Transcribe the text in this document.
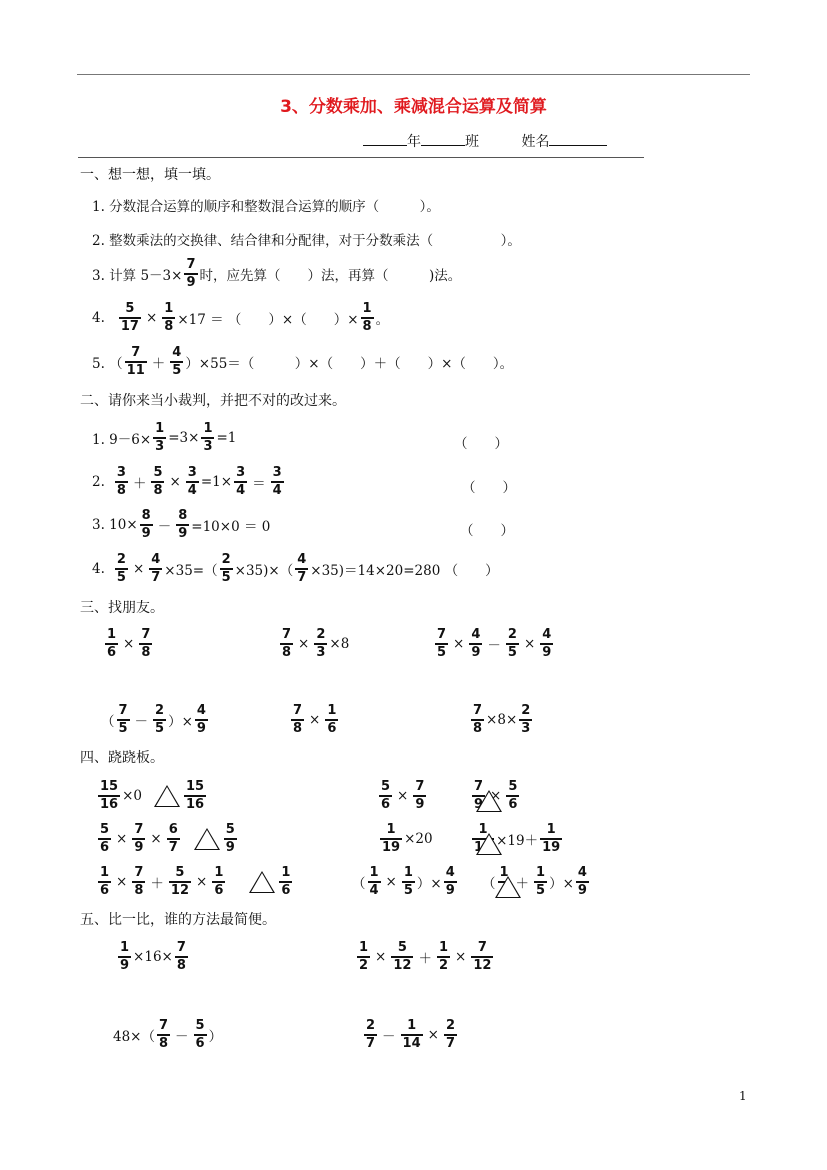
3、分数乘加、乘减混合运算及简算
年	班	姓名
一、想一想，填一填。
1. 分数混合运算的顺序和整数混合运算的顺序（　　　）。
2. 整数乘法的交换律、结合律和分配律，对于分数乘法（　　　　　）。
3. 计算 $5-3\times \frac{7}{9}$ 时，应先算（　　）法，再算（　　　)法。
4. $\frac{5}{17} \times \frac{1}{8} \times 17$ ＝ （　　）×（　　）× $\frac{1}{8}$ 。
5. （ $\frac{7}{11} + \frac{4}{5} )\times 55=$（　　　）×（　　）＋（　　）×（　　）。
二、请你来当小裁判，并把不对的改过来。
1. $9-6\times \frac{1}{3} =3\times \frac{1}{3} =1$	（　　）
2. $\frac{3}{8} + \frac{5}{8} \times \frac{3}{4} =1\times \frac{3}{4} = \frac{3}{4}$	（　　）
3. $10\times \frac{8}{9} - \frac{8}{9} =10\times 0 = 0$	（　　）
4. $\frac{2}{5} \times \frac{4}{7} \times 35=( \frac{2}{5} \times 35)\times( \frac{4}{7} \times 35)=14\times 20=280$ （　　）
三、找朋友。
$\frac{1}{6} \times \frac{7}{8}$	$\frac{7}{8} \times \frac{2}{3} \times 8$	$\frac{7}{5} \times \frac{4}{9} - \frac{2}{5} \times \frac{4}{9}$
（ $\frac{7}{5} - \frac{2}{5}$ ）× $\frac{4}{9}$	$\frac{7}{8} \times \frac{1}{6}$	$\frac{7}{8} \times 8\times \frac{2}{3}$
四、跷跷板。
$\frac{15}{16} \times 0$	$\frac{15}{16}$	$\frac{5}{6} \times \frac{7}{9}$	$\frac{7}{9} \times \frac{5}{6}$
$\frac{5}{6} \times \frac{7}{9} \times \frac{6}{7}$	$\frac{5}{9}$	$\frac{1}{19} \times 20$	$\frac{1}{19} \times 19+ \frac{1}{19}$
$\frac{1}{6} \times \frac{7}{8} + \frac{5}{12} \times \frac{1}{6}$	$\frac{1}{6}$	（ $\frac{1}{4} \times \frac{1}{5}$ ）× $\frac{4}{9}$ （ $\frac{1}{4} + \frac{1}{5}$ ）× $\frac{4}{9}$
五、比一比，谁的方法最简便。
$\frac{1}{9} \times 16\times \frac{7}{8}$	$\frac{1}{2} \times \frac{5}{12} + \frac{1}{2} \times \frac{7}{12}$
$48\times( \frac{7}{8} - \frac{5}{6}$ ）	$\frac{2}{7} - \frac{1}{14} \times \frac{2}{7}$
1
